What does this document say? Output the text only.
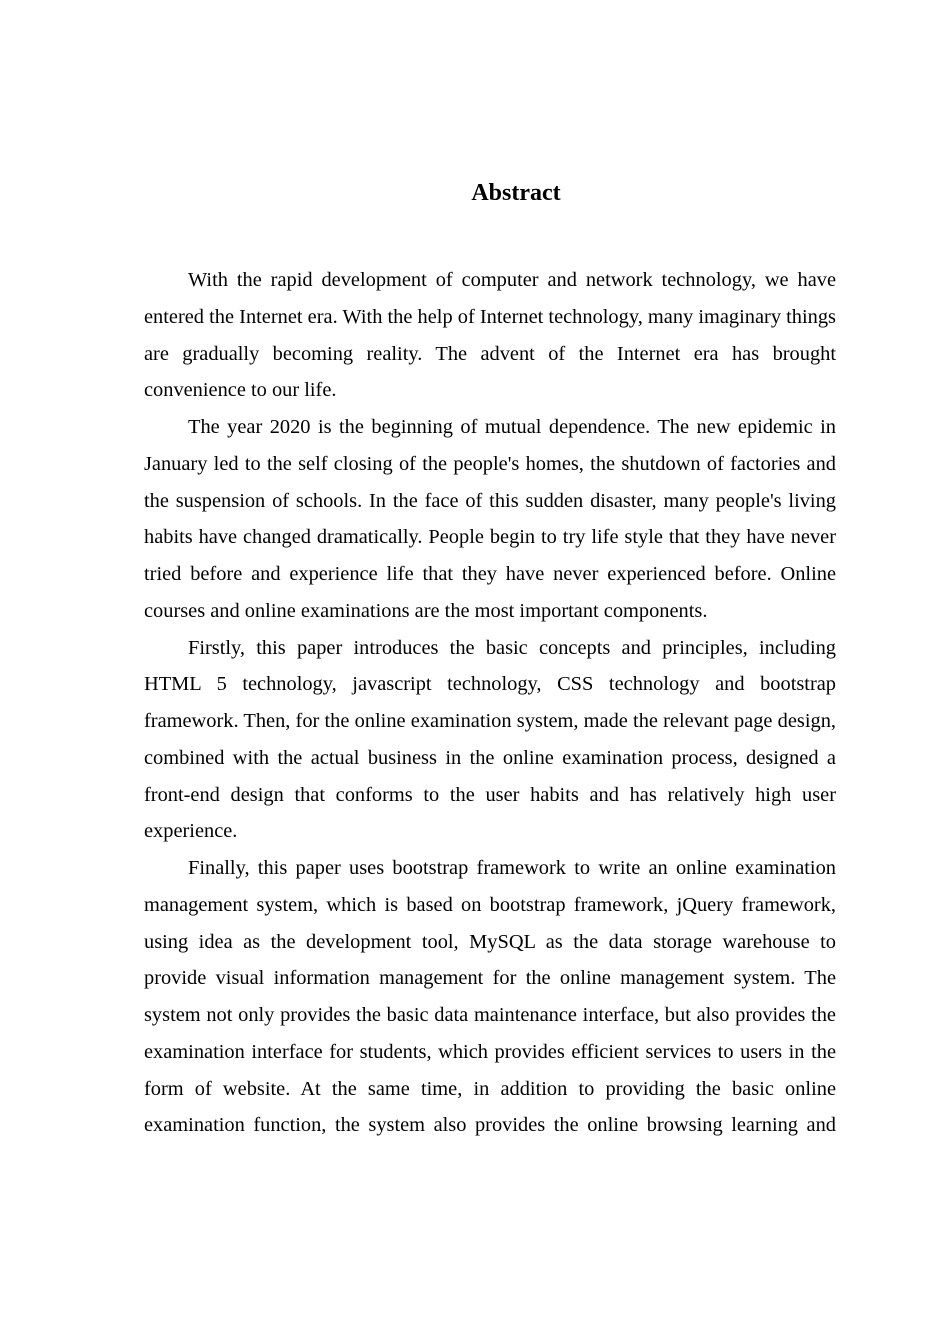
Abstract

With the rapid development of computer and network technology, we have entered the Internet era. With the help of Internet technology, many imaginary things are gradually becoming reality. The advent of the Internet era has brought convenience to our life.

The year 2020 is the beginning of mutual dependence. The new epidemic in January led to the self closing of the people's homes, the shutdown of factories and the suspension of schools. In the face of this sudden disaster, many people's living habits have changed dramatically. People begin to try life style that they have never tried before and experience life that they have never experienced before. Online courses and online examinations are the most important components.

Firstly, this paper introduces the basic concepts and principles, including HTML 5 technology, javascript technology, CSS technology and bootstrap framework. Then, for the online examination system, made the relevant page design, combined with the actual business in the online examination process, designed a front-end design that conforms to the user habits and has relatively high user experience.

Finally, this paper uses bootstrap framework to write an online examination management system, which is based on bootstrap framework, jQuery framework, using idea as the development tool, MySQL as the data storage warehouse to provide visual information management for the online management system. The system not only provides the basic data maintenance interface, but also provides the examination interface for students, which provides efficient services to users in the form of website. At the same time, in addition to providing the basic online examination function, the system also provides the online browsing learning and
